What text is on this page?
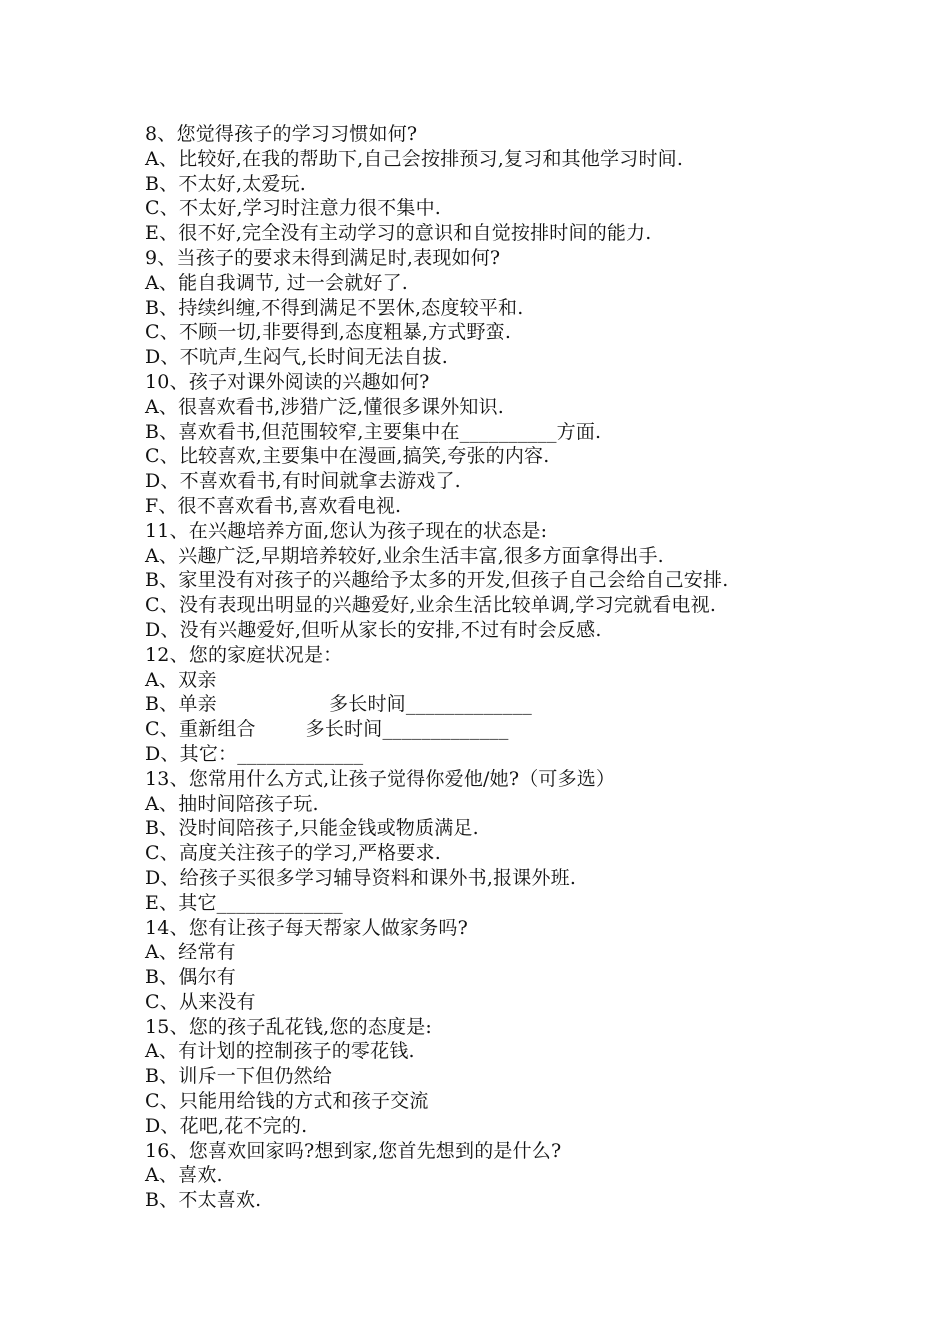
8、您觉得孩子的学习习惯如何?
A、比较好,在我的帮助下,自己会按排预习,复习和其他学习时间.
B、不太好,太爱玩.
C、不太好,学习时注意力很不集中.
E、很不好,完全没有主动学习的意识和自觉按排时间的能力.
9、当孩子的要求未得到满足时,表现如何?
A、能自我调节, 过一会就好了.
B、持续纠缠,不得到满足不罢休,态度较平和.
C、不顾一切,非要得到,态度粗暴,方式野蛮.
D、不吭声,生闷气,长时间无法自拔.
10、孩子对课外阅读的兴趣如何?
A、很喜欢看书,涉猎广泛,懂很多课外知识.
B、喜欢看书,但范围较窄,主要集中在__________方面.
C、比较喜欢,主要集中在漫画,搞笑,夸张的内容.
D、不喜欢看书,有时间就拿去游戏了.
F、很不喜欢看书,喜欢看电视.
11、在兴趣培养方面,您认为孩子现在的状态是:
A、兴趣广泛,早期培养较好,业余生活丰富,很多方面拿得出手.
B、家里没有对孩子的兴趣给予太多的开发,但孩子自己会给自己安排.
C、没有表现出明显的兴趣爱好,业余生活比较单调,学习完就看电视.
D、没有兴趣爱好,但听从家长的安排,不过有时会反感.
12、您的家庭状况是：
A、双亲
B、单亲                  多长时间_____________
C、重新组合        多长时间_____________
D、其它：_____________
13、您常用什么方式,让孩子觉得你爱他/她?（可多选）
A、抽时间陪孩子玩.
B、没时间陪孩子,只能金钱或物质满足.
C、高度关注孩子的学习,严格要求.
D、给孩子买很多学习辅导资料和课外书,报课外班.
E、其它_____________
14、您有让孩子每天帮家人做家务吗?
A、经常有
B、偶尔有
C、从来没有
15、您的孩子乱花钱,您的态度是:
A、有计划的控制孩子的零花钱.
B、训斥一下但仍然给
C、只能用给钱的方式和孩子交流
D、花吧,花不完的.
16、您喜欢回家吗?想到家,您首先想到的是什么?
A、喜欢.
B、不太喜欢.
